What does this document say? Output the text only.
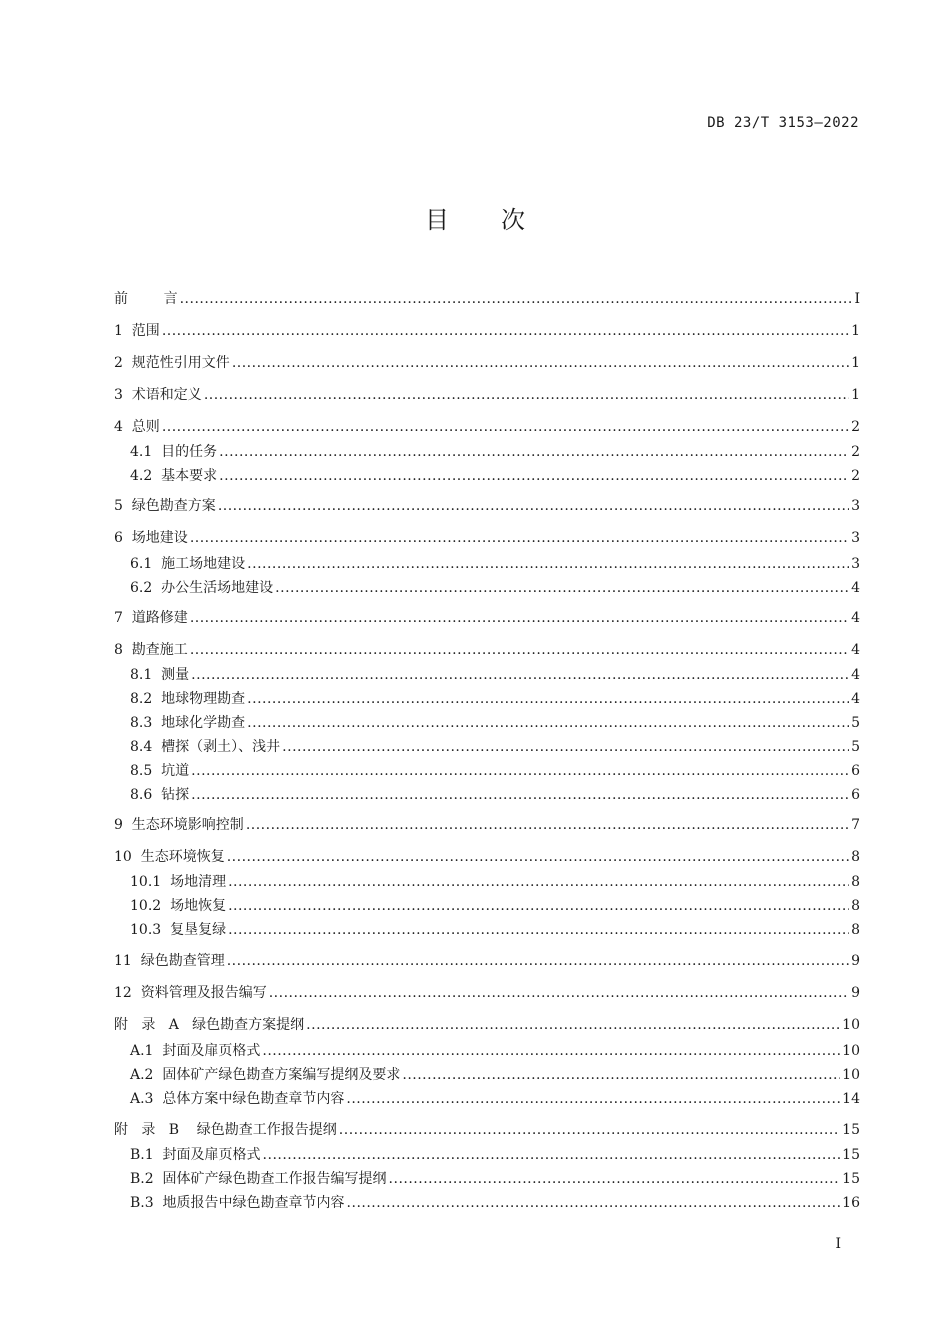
DB 23/T 3153—2022
目次
前        言 .....	I
1  范围 .....	1
2  规范性引用文件 .....	1
3  术语和定义 .....	1
4  总则 .....	2
4.1  目的任务 .....	2
4.2  基本要求 .....	2
5  绿色勘查方案 .....	3
6  场地建设 .....	3
6.1  施工场地建设 .....	3
6.2  办公生活场地建设 .....	4
7  道路修建 .....	4
8  勘查施工 .....	4
8.1  测量 .....	4
8.2  地球物理勘查 .....	4
8.3  地球化学勘查 .....	5
8.4  槽探（剥土）、浅井 .....	5
8.5  坑道 .....	6
8.6  钻探 .....	6
9  生态环境影响控制 .....	7
10  生态环境恢复 .....	8
10.1  场地清理 .....	8
10.2  场地恢复 .....	8
10.3  复垦复绿 .....	8
11  绿色勘查管理 .....	9
12  资料管理及报告编写 .....	9
附   录   A   绿色勘查方案提纲 .....	10
A.1  封面及扉页格式 .....	10
A.2  固体矿产绿色勘查方案编写提纲及要求 .....	10
A.3  总体方案中绿色勘查章节内容 .....	14
附   录   B    绿色勘查工作报告提纲 .....	15
B.1  封面及扉页格式 .....	15
B.2  固体矿产绿色勘查工作报告编写提纲 .....	15
B.3  地质报告中绿色勘查章节内容 .....	16
I
